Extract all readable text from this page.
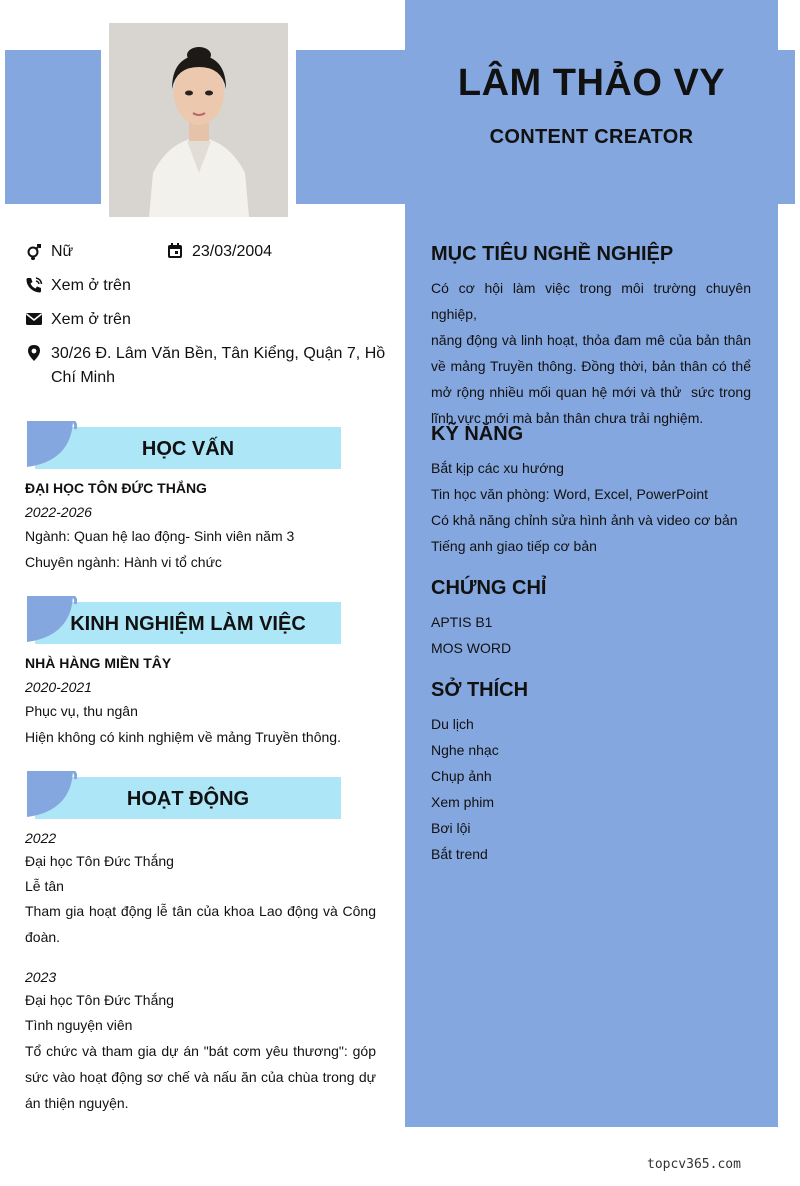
LÂM THẢO VY
CONTENT CREATOR
Nữ	23/03/2004
Xem ở trên
Xem ở trên
30/26 Đ. Lâm Văn Bền, Tân Kiểng, Quận 7, Hồ
Chí Minh
HỌC VẤN
ĐẠI HỌC TÔN ĐỨC THẮNG
2022-2026
Ngành: Quan hệ lao động- Sinh viên năm 3
Chuyên ngành: Hành vi tổ chức
KINH NGHIỆM LÀM VIỆC
NHÀ HÀNG MIỀN TÂY
2020-2021
Phục vụ, thu ngân
Hiện không có kinh nghiệm về mảng Truyền thông.
HOẠT ĐỘNG
2022
Đại học Tôn Đức Thắng
Lễ tân
Tham gia hoạt động lễ tân của khoa Lao động và Công
đoàn.
2023
Đại học Tôn Đức Thắng
Tình nguyện viên
Tổ chức và tham gia dự án "bát cơm yêu thương": góp
sức vào hoạt động sơ chế và nấu ăn của chùa trong dự
án thiện nguyện.
MỤC TIÊU NGHỀ NGHIỆP
Có cơ hội làm việc trong môi trường chuyên nghiệp,
năng động và linh hoạt, thỏa đam mê của bản thân
về mảng Truyền thông. Đồng thời, bản thân có thể
mở rộng nhiều mối quan hệ mới và thử  sức trong
lĩnh vực mới mà bản thân chưa trải nghiệm.
KỸ NĂNG
Bắt kịp các xu hướng
Tin học văn phòng: Word, Excel, PowerPoint
Có khả năng chỉnh sửa hình ảnh và video cơ bản
Tiếng anh giao tiếp cơ bản
CHỨNG CHỈ
APTIS B1
MOS WORD
SỞ THÍCH
Du lịch
Nghe nhạc
Chụp ảnh
Xem phim
Bơi lội
Bắt trend
topcv365.com
